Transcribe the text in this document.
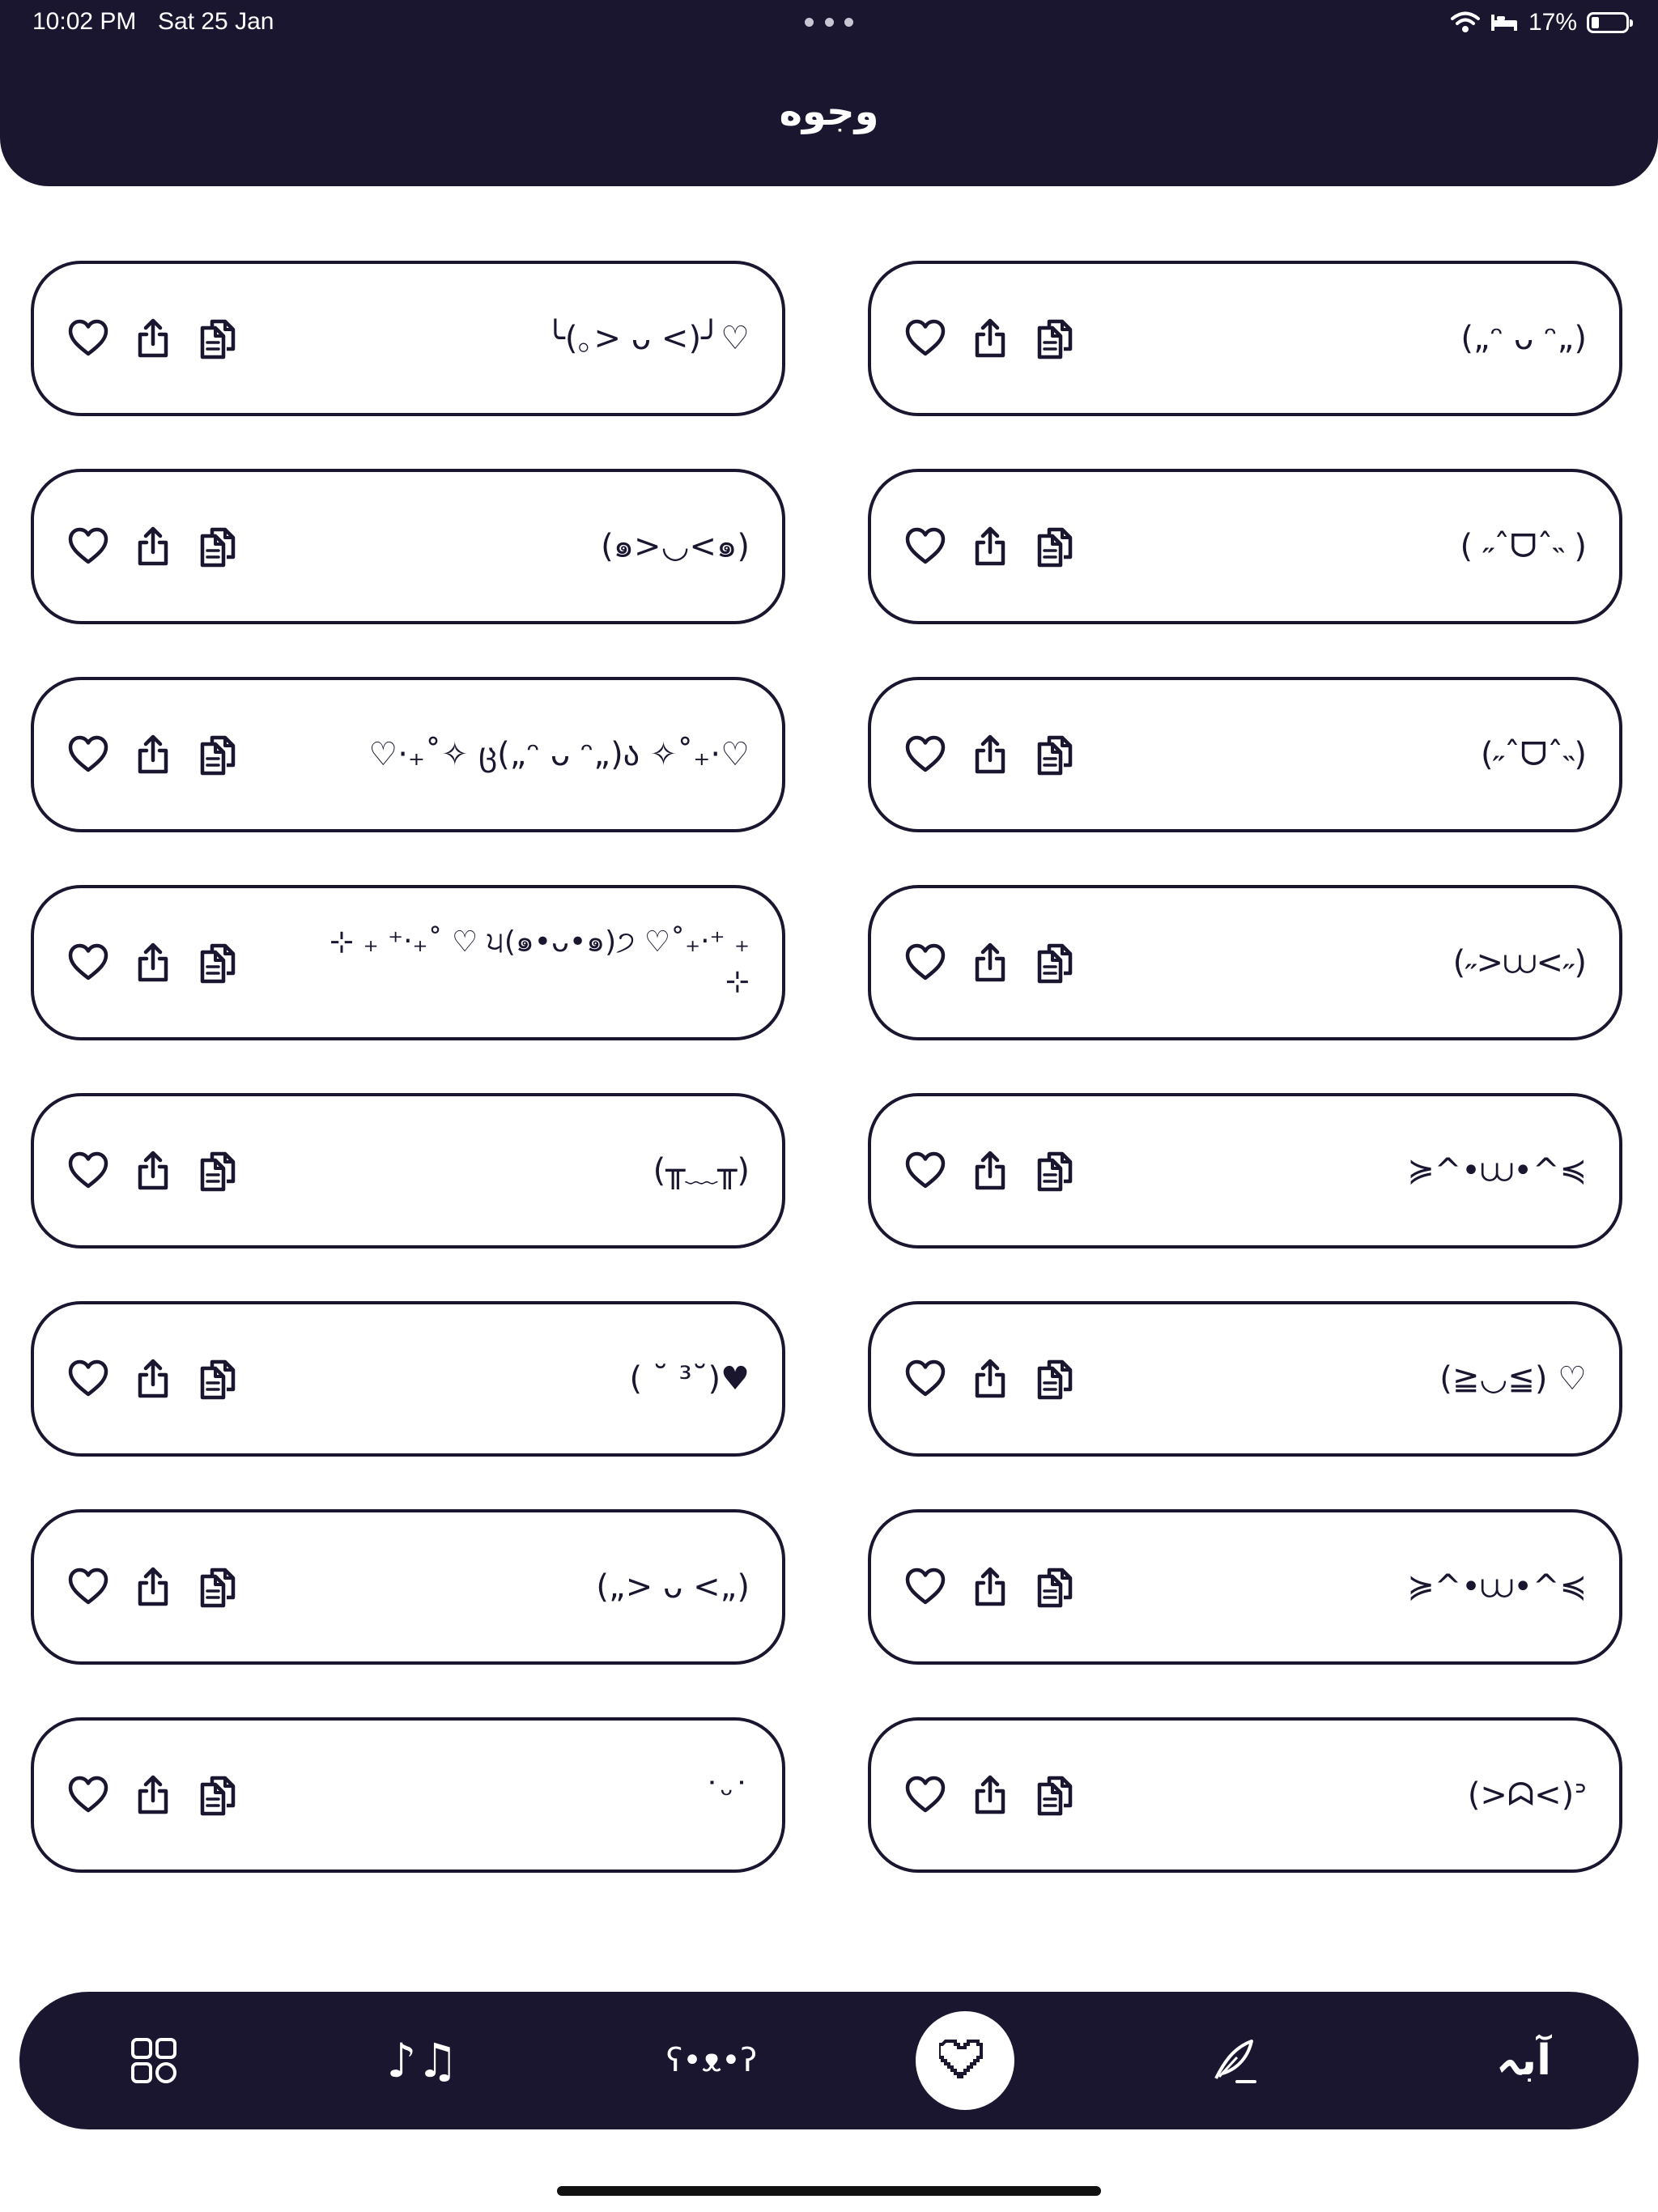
10:02 PM Sat 25 Jan	17%
وجوه
╰(｡> ᴗ <)╯♡
(๑>◡<๑)
♡·₊˚✧ ც(„ᵔ ᴗ ᵔ„)ა ✧˚₊·♡
⊹ ₊ ⁺‧₊˚ ♡ ੫(๑•ᴗ•๑)੭ ♡˚₊‧⁺ ₊ ⊹
(╥﹏╥)
( ˘ ³˘)♥
(„> ᴗ <„)
˙ᵕ˙
(„ᵔ ᴗ ᵔ„)
( ˶ˆᗜˆ˵ )
(˶ˆᗜˆ˵)
(˶>⩊<˶)
≽^•⩊•^≼
(≧◡≦) ♡
≽^•⩊•^≼
(>ᗣ<)ᐣ
♪♫	ʕ•ᴥ•ʔ	آبہ
